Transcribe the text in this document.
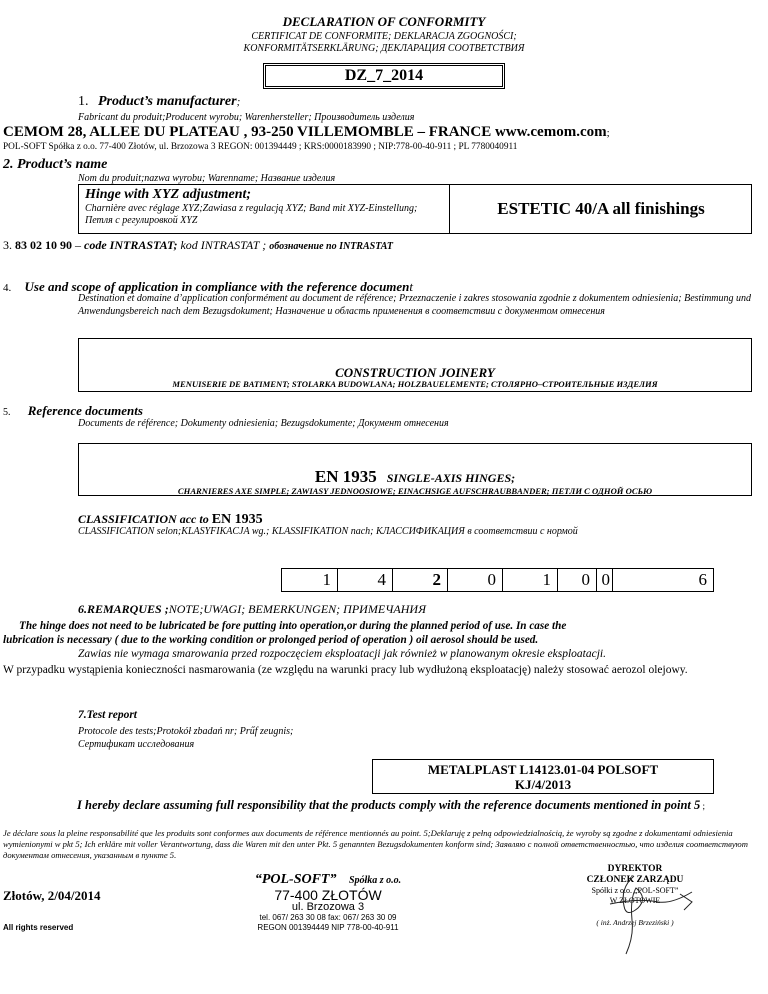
DECLARATION OF CONFORMITY
CERTIFICAT DE CONFORMITE; DEKLARACJA ZGOGNOŚCI;
KONFORMITÄTSERKLÄRUNG; ДЕКЛАРАЦИЯ СООТВЕТСТВИЯ
DZ_7_2014
1. Product’s manufacturer;
Fabricant du produit;Producent wyrobu; Warenhersteller; Производитель изделия
CEMOM 28, ALLEE DU PLATEAU , 93-250 VILLEMOMBLE – FRANCE www.cemom.com;
POL-SOFT Spółka z o.o. 77-400 Złotów, ul. Brzozowa 3 REGON: 001394449 ; KRS:0000183990 ; NIP:778-00-40-911 ; PL 7780040911
2. Product’s name
Nom du produit;nazwa wyrobu; Warenname; Название изделия
Hinge with XYZ adjustment;
Charnière avec réglage XYZ;Zawiasa z regulacją XYZ; Band mit XYZ-Einstellung; Петля с регулировкой XYZ
ESTETIC 40/A all finishings
3. 83 02 10 90 – code INTRASTAT; kod INTRASTAT ; обозначение по INTRASTAT
4. Use and scope of application in compliance with the reference document
Destination et domaine d’application conformément au document de référence; Przeznaczenie i zakres stosowania zgodnie z dokumentem odniesienia; Bestimmung und Anwendungsbereich nach dem Bezugsdokument; Назначение и область применения в соответствии с документом отнесения
CONSTRUCTION JOINERY
MENUISERIE DE BATIMENT; STOLARKA BUDOWLANA; HOLZBAUELEMENTE; СТОЛЯРНО–СТРОИТЕЛЬНЫЕ ИЗДЕЛИЯ
5. Reference documents
Documents de référence; Dokumenty odniesienia; Bezugsdokumente; Документ отнесения
EN 1935 SINGLE-AXIS HINGES;
CHARNIERES AXE SIMPLE; ZAWIASY JEDNOOSIOWE; EINACHSIGE AUFSCHRAUBBANDER; ПЕТЛИ С ОДНОЙ ОСЬЮ
CLASSIFICATION acc to EN 1935
CLASSIFICATION selon;KLASYFIKACJA wg.; KLASSIFIKATION nach; КЛАССИФИКАЦИЯ в соответствии с нормой
1	4	2	0	1	0 0	6
6.REMARQUES ;NOTE;UWAGI; BEMERKUNGEN; ПРИМЕЧАНИЯ
The hinge does not need to be lubricated be fore putting into operation,or during the planned period of use. In case the
lubrication is necessary ( due to the working condition or prolonged period of operation ) oil aerosol should be used.
Zawias nie wymaga smarowania przed rozpoczęciem eksploatacji jak również w planowanym okresie eksploatacji.
W przypadku wystąpienia konieczności nasmarowania (ze względu na warunki pracy lub wydłużoną eksploatację) należy stosować aerozol olejowy.
7.Test report
Protocole des tests;Protokół zbadań nr; Prűf zeugnis;
Сертификат исследования
METALPLAST L14123.01-04 POLSOFT
KJ/4/2013
I hereby declare assuming full responsibility that the products comply with the reference documents mentioned in point 5 ;
Je déclare sous la pleine responsabilité que les produits sont conformes aux documents de référence mentionnés au point. 5;Deklaruję z pełną odpowiedzialnością, że wyroby są zgodne z dokumentami odniesienia wymienionymi w pkt 5; Ich erkläre mit voller Verantwortung, dass die Waren mit den unter Pkt. 5 genannten Bezugsdokumenten konform sind; Заявляю с полной ответственностью, что изделия соответствуют документам отнесения, указанным в пункте 5.
Złotów, 2/04/2014
All rights reserved
“POL-SOFT” Spółka z o.o.
77-400 ZŁOTÓW
ul. Brzozowa 3
tel. 067/ 263 30 08 fax: 067/ 263 30 09
REGON 001394449 NIP 778-00-40-911
DYREKTOR
CZŁONEK ZARZĄDU
Spółki z o.o. „POL-SOFT”
W ZŁOTOWIE
( inż. Andrzej Brzeziński )
